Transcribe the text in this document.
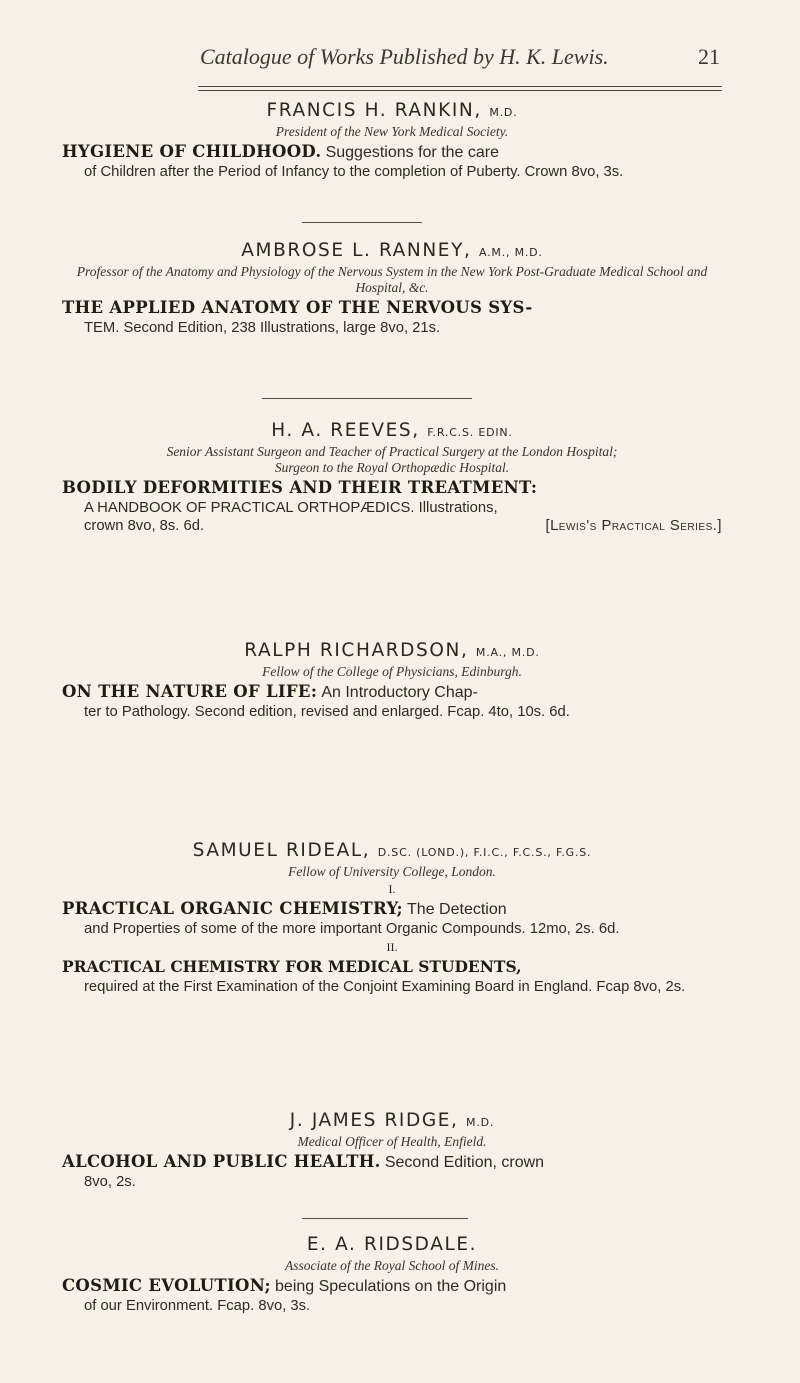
Catalogue of Works Published by H. K. Lewis.	21
FRANCIS H. RANKIN, M.D.
President of the New York Medical Society.
HYGIENE OF CHILDHOOD. Suggestions for the care
of Children after the Period of Infancy to the completion of Puberty. Crown 8vo, 3s.
AMBROSE L. RANNEY, A.M., M.D.
Professor of the Anatomy and Physiology of the Nervous System in the New York Post-Graduate Medical School and Hospital, &c.
THE APPLIED ANATOMY OF THE NERVOUS SYS-
TEM. Second Edition, 238 Illustrations, large 8vo, 21s.
H. A. REEVES, F.R.C.S. EDIN.
Senior Assistant Surgeon and Teacher of Practical Surgery at the London Hospital;
Surgeon to the Royal Orthopædic Hospital.
BODILY DEFORMITIES AND THEIR TREATMENT:
A HANDBOOK OF PRACTICAL ORTHOPÆDICS. Illustrations,
crown 8vo, 8s. 6d.	[Lewis's Practical Series.]
RALPH RICHARDSON, M.A., M.D.
Fellow of the College of Physicians, Edinburgh.
ON THE NATURE OF LIFE: An Introductory Chap-
ter to Pathology. Second edition, revised and enlarged. Fcap. 4to, 10s. 6d.
SAMUEL RIDEAL, D.SC. (LOND.), F.I.C., F.C.S., F.G.S.
Fellow of University College, London.
I.
PRACTICAL ORGANIC CHEMISTRY; The Detection
and Properties of some of the more important Organic Compounds. 12mo, 2s. 6d.
II.
PRACTICAL CHEMISTRY FOR MEDICAL STUDENTS,
required at the First Examination of the Conjoint Examining Board in England. Fcap 8vo, 2s.
J. JAMES RIDGE, M.D.
Medical Officer of Health, Enfield.
ALCOHOL AND PUBLIC HEALTH. Second Edition, crown
8vo, 2s.
E. A. RIDSDALE.
Associate of the Royal School of Mines.
COSMIC EVOLUTION; being Speculations on the Origin
of our Environment. Fcap. 8vo, 3s.
